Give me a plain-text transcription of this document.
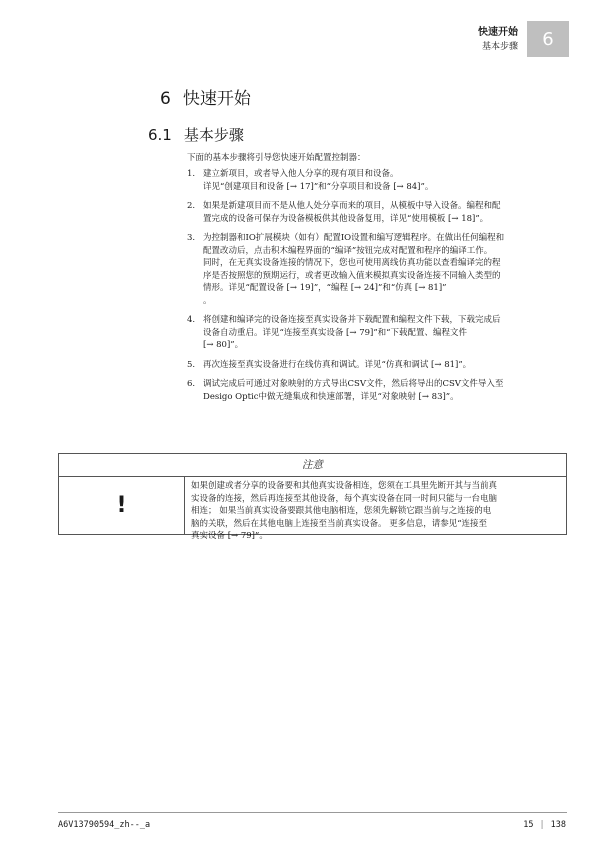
快速开始
基本步骤	6
6 快速开始
6.1 基本步骤
下面的基本步骤将引导您快速开始配置控制器：
1. 建立新项目，或者导入他人分享的现有项目和设备。
详见“创建项目和设备 [→ 17]”和“分享项目和设备 [→ 84]”。
2. 如果是新建项目而不是从他人处分享而来的项目，从模板中导入设备。编程和配
置完成的设备可保存为设备模板供其他设备复用，详见“使用模板 [→ 18]”。
3. 为控制器和IO扩展模块（如有）配置IO设置和编写逻辑程序。在做出任何编程和
配置改动后，点击积木编程界面的“编译”按钮完成对配置和程序的编译工作。
同时，在无真实设备连接的情况下，您也可使用离线仿真功能以查看编译完的程
序是否按照您的预期运行，或者更改输入值来模拟真实设备连接不同输入类型的
情形。详见“配置设备 [→ 19]”，“编程 [→ 24]”和“仿真 [→ 81]”
。
4. 将创建和编译完的设备连接至真实设备并下载配置和编程文件下载，下载完成后
设备自动重启。详见“连接至真实设备 [→ 79]”和“下载配置、编程文件
[→ 80]”。
5. 再次连接至真实设备进行在线仿真和调试。详见“仿真和调试 [→ 81]”。
6. 调试完成后可通过对象映射的方式导出CSV文件，然后将导出的CSV文件导入至
Desigo Optic中做无缝集成和快速部署，详见“对象映射 [→ 83]”。
注意
!
如果创建或者分享的设备要和其他真实设备相连，您须在工具里先断开其与当前真
实设备的连接，然后再连接至其他设备，每个真实设备在同一时间只能与一台电脑
相连； 如果当前真实设备要跟其他电脑相连，您须先解锁它跟当前与之连接的电
脑的关联，然后在其他电脑上连接至当前真实设备。 更多信息，请参见“连接至
真实设备 [→ 79]”。
A6V13790594_zh--_a	15 | 138
